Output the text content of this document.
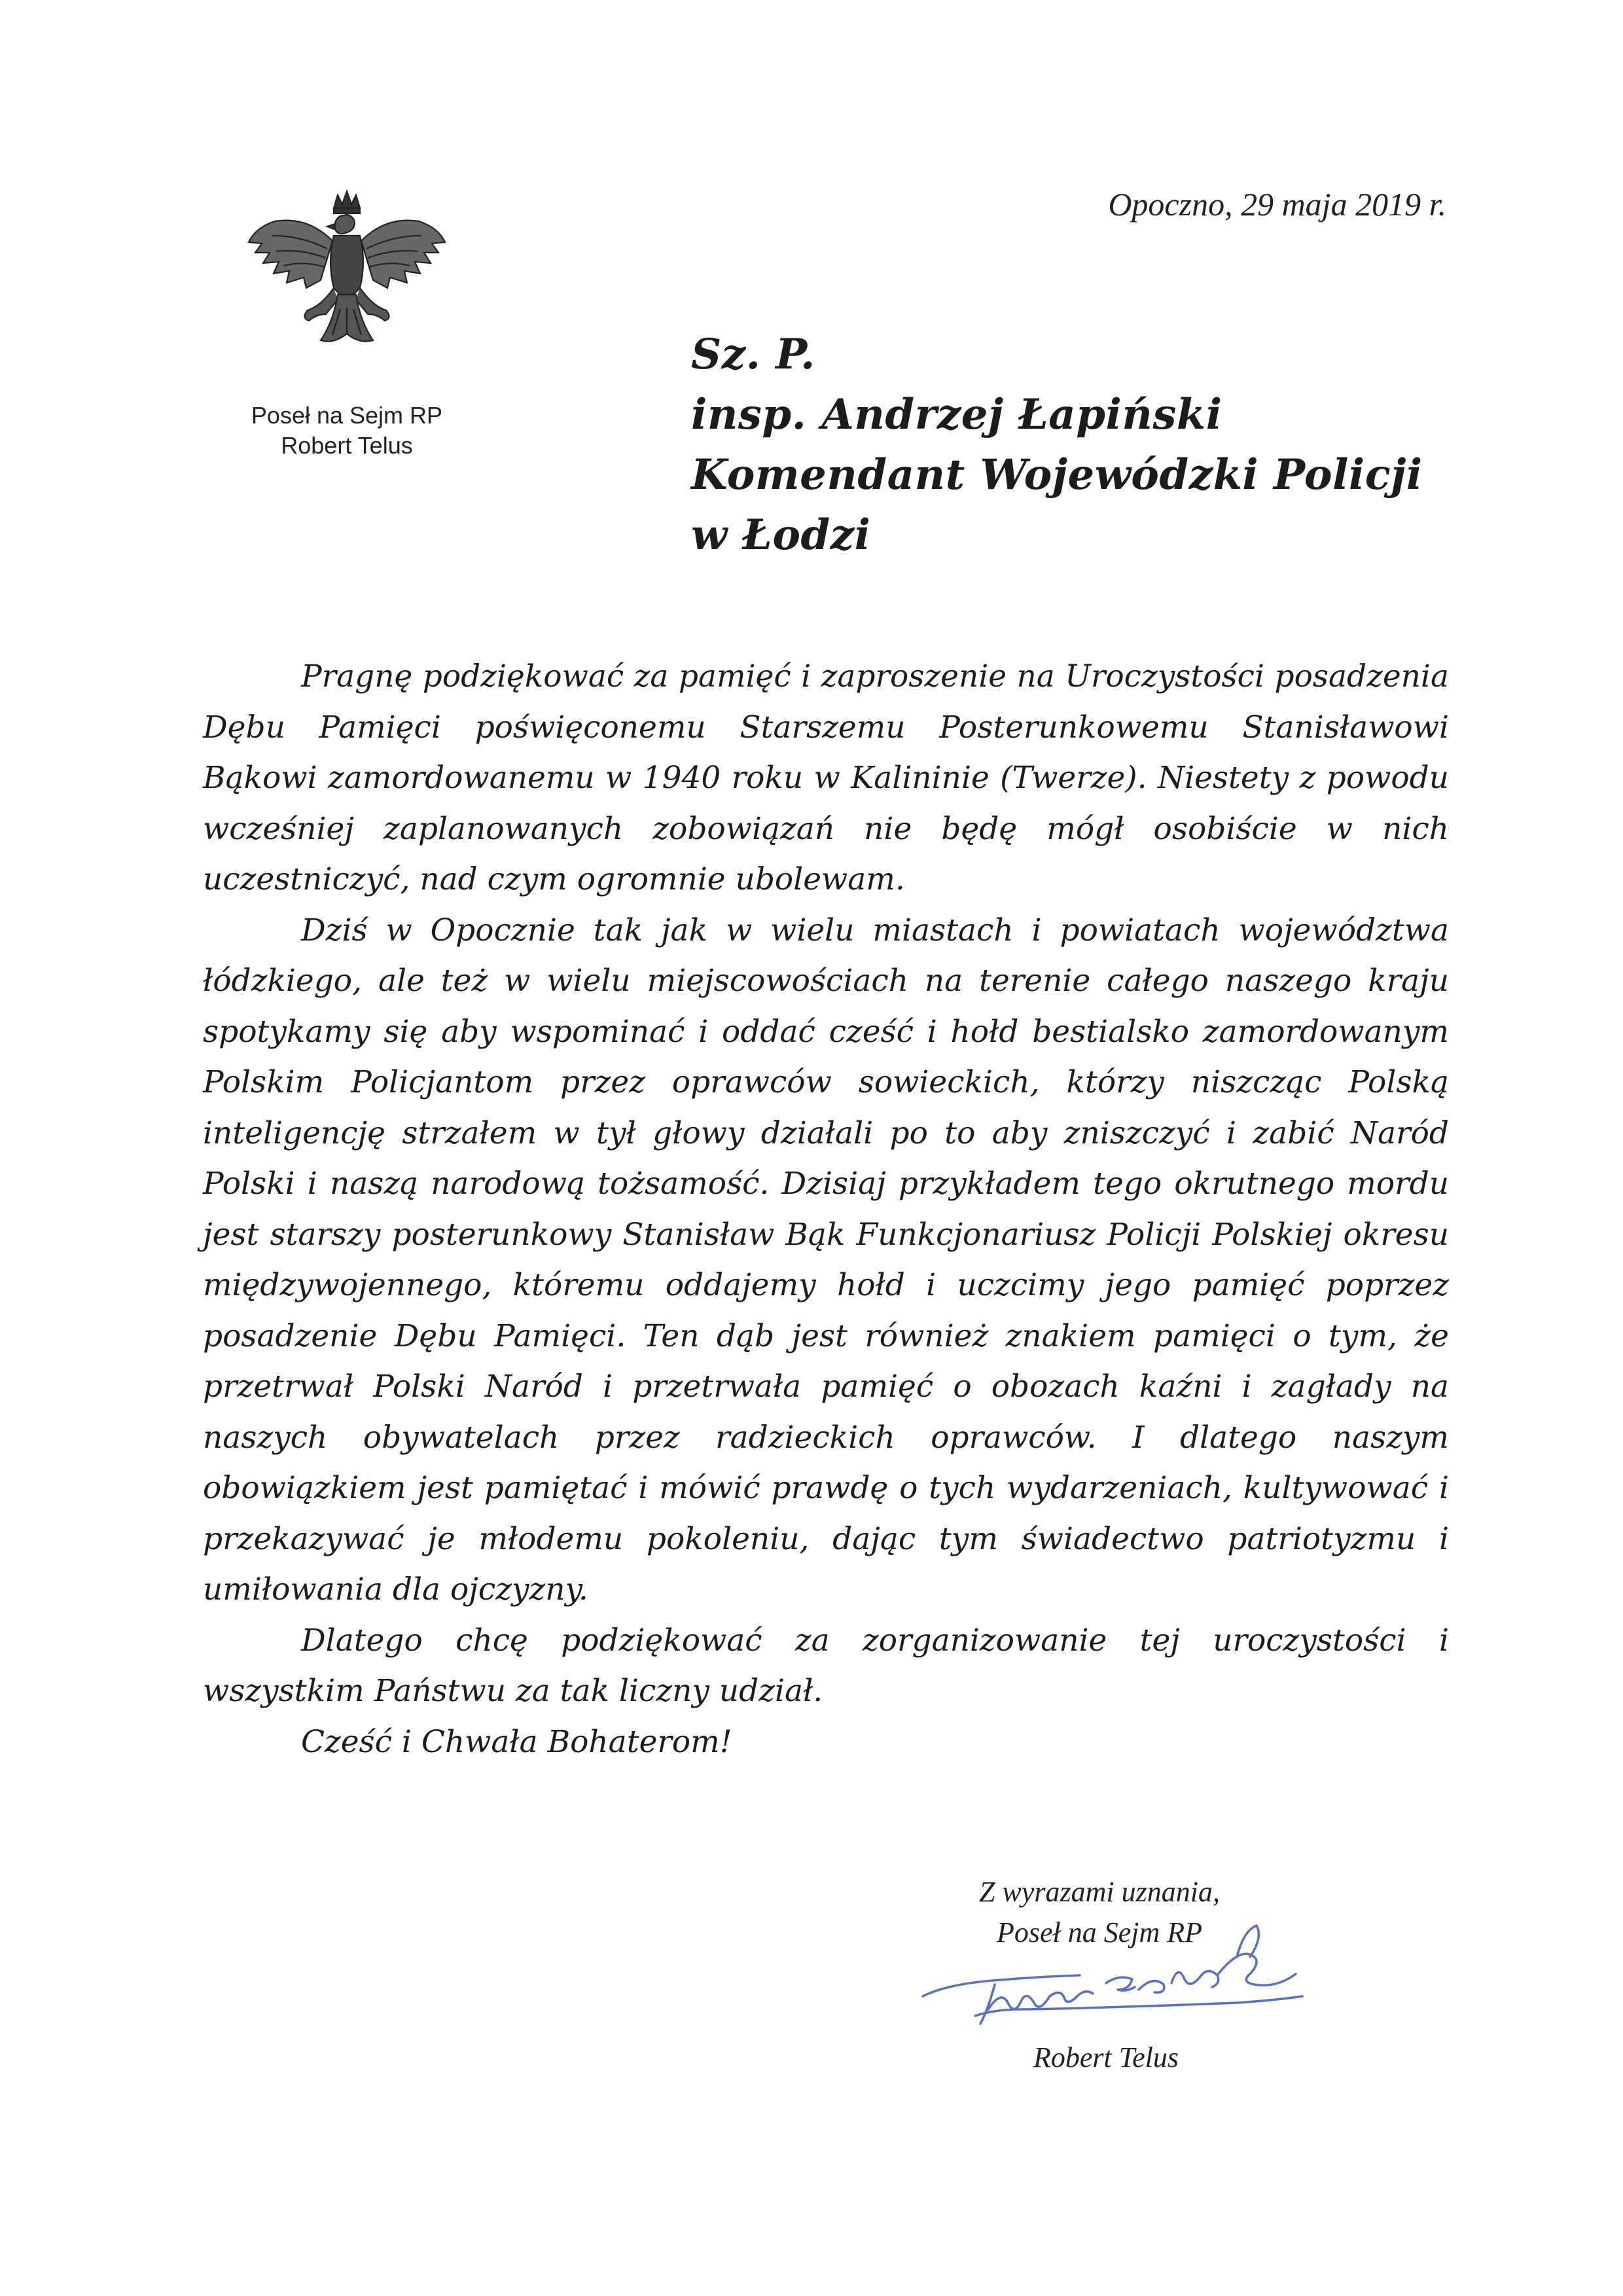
Poseł na Sejm RP
Robert Telus
Opoczno, 29 maja 2019 r.
Sz. P.
insp. Andrzej Łapiński
Komendant Wojewódzki Policji
w Łodzi

Pragnę podziękować za pamięć i zaproszenie na Uroczystości posadzenia Dębu Pamięci poświęconemu Starszemu Posterunkowemu Stanisławowi Bąkowi zamordowanemu w 1940 roku w Kalininie (Twerze). Niestety z powodu wcześniej zaplanowanych zobowiązań nie będę mógł osobiście w nich uczestniczyć, nad czym ogromnie ubolewam.

Dziś w Opocznie tak jak w wielu miastach i powiatach województwa łódzkiego, ale też w wielu miejscowościach na terenie całego naszego kraju spotykamy się aby wspominać i oddać cześć i hołd bestialsko zamordowanym Polskim Policjantom przez oprawców sowieckich, którzy niszcząc Polską inteligencję strzałem w tył głowy działali po to aby zniszczyć i zabić Naród Polski i naszą narodową tożsamość. Dzisiaj przykładem tego okrutnego mordu jest starszy posterunkowy Stanisław Bąk Funkcjonariusz Policji Polskiej okresu międzywojennego, któremu oddajemy hołd i uczcimy jego pamięć poprzez posadzenie Dębu Pamięci. Ten dąb jest również znakiem pamięci o tym, że przetrwał Polski Naród i przetrwała pamięć o obozach kaźni i zagłady na naszych obywatelach przez radzieckich oprawców. I dlatego naszym obowiązkiem jest pamiętać i mówić prawdę o tych wydarzeniach, kultywować i przekazywać je młodemu pokoleniu, dając tym świadectwo patriotyzmu i umiłowania dla ojczyzny.

Dlatego chcę podziękować za zorganizowanie tej uroczystości i wszystkim Państwu za tak liczny udział.

Cześć i Chwała Bohaterom!

Z wyrazami uznania,
Poseł na Sejm RP
Robert Telus
